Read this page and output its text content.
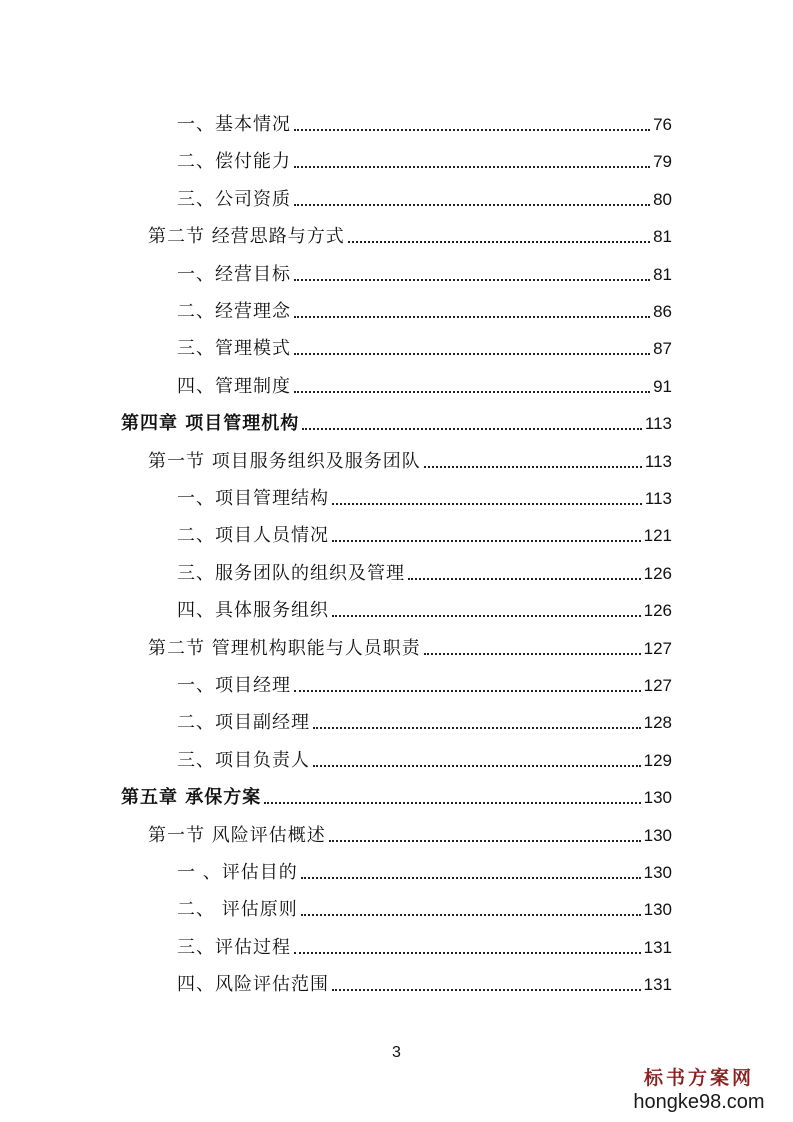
一、基本情况	76
二、偿付能力	79
三、公司资质	80
第二节 经营思路与方式	81
一、经营目标	81
二、经营理念	86
三、管理模式	87
四、管理制度	91
第四章 项目管理机构	113
第一节 项目服务组织及服务团队	113
一、项目管理结构	113
二、项目人员情况	121
三、服务团队的组织及管理	126
四、具体服务组织	126
第二节 管理机构职能与人员职责	127
一、项目经理	127
二、项目副经理	128
三、项目负责人	129
第五章 承保方案	130
第一节 风险评估概述	130
一 、评估目的	130
二、 评估原则	130
三、评估过程	131
四、风险评估范围	131
3
标书方案网
hongke98.com
